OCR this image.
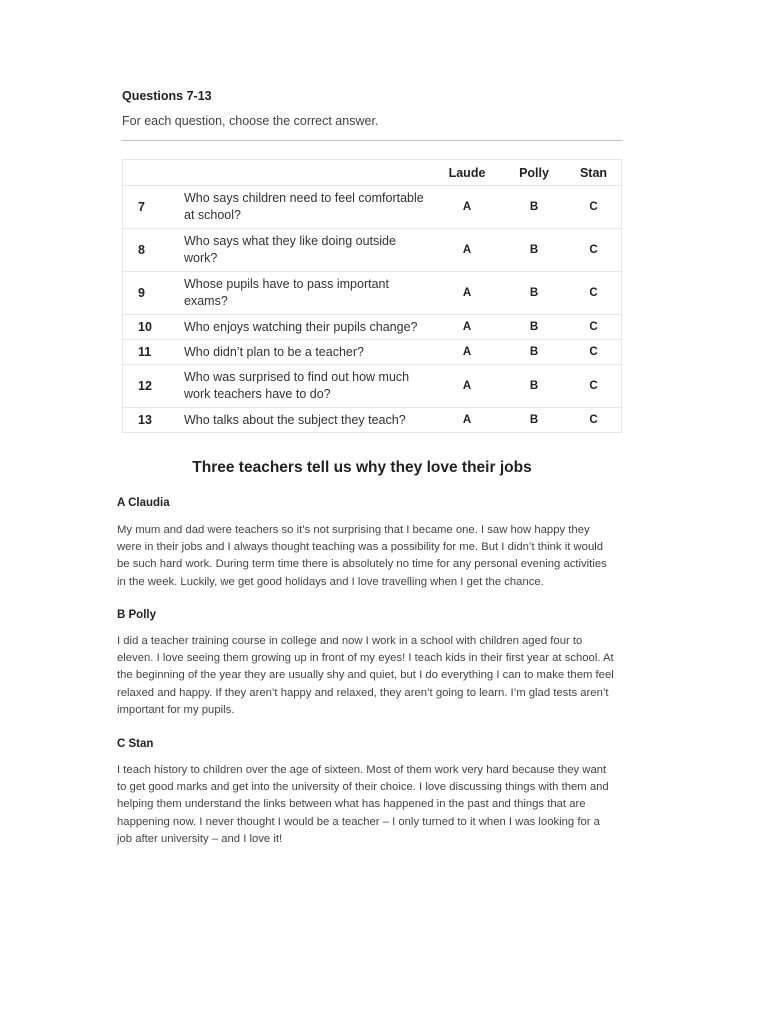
Questions 7-13

For each question, choose the correct answer.

		Laude	Polly	Stan
7	Who says children need to feel comfortable at school?	A	B	C
8	Who says what they like doing outside work?	A	B	C
9	Whose pupils have to pass important exams?	A	B	C
10	Who enjoys watching their pupils change?	A	B	C
11	Who didn’t plan to be a teacher?	A	B	C
12	Who was surprised to find out how much work teachers have to do?	A	B	C
13	Who talks about the subject they teach?	A	B	C
Three teachers tell us why they love their jobs

A Claudia

My mum and dad were teachers so it’s not surprising that I became one. I saw how happy they were in their jobs and I always thought teaching was a possibility for me. But I didn’t think it would be such hard work. During term time there is absolutely no time for any personal evening activities in the week. Luckily, we get good holidays and I love travelling when I get the chance.

B Polly

I did a teacher training course in college and now I work in a school with children aged four to eleven. I love seeing them growing up in front of my eyes! I teach kids in their first year at school. At the beginning of the year they are usually shy and quiet, but I do everything I can to make them feel relaxed and happy. If they aren’t happy and relaxed, they aren’t going to learn. I’m glad tests aren’t important for my pupils.

C Stan

I teach history to children over the age of sixteen. Most of them work very hard because they want to get good marks and get into the university of their choice. I love discussing things with them and helping them understand the links between what has happened in the past and things that are happening now. I never thought I would be a teacher – I only turned to it when I was looking for a job after university – and I love it!
